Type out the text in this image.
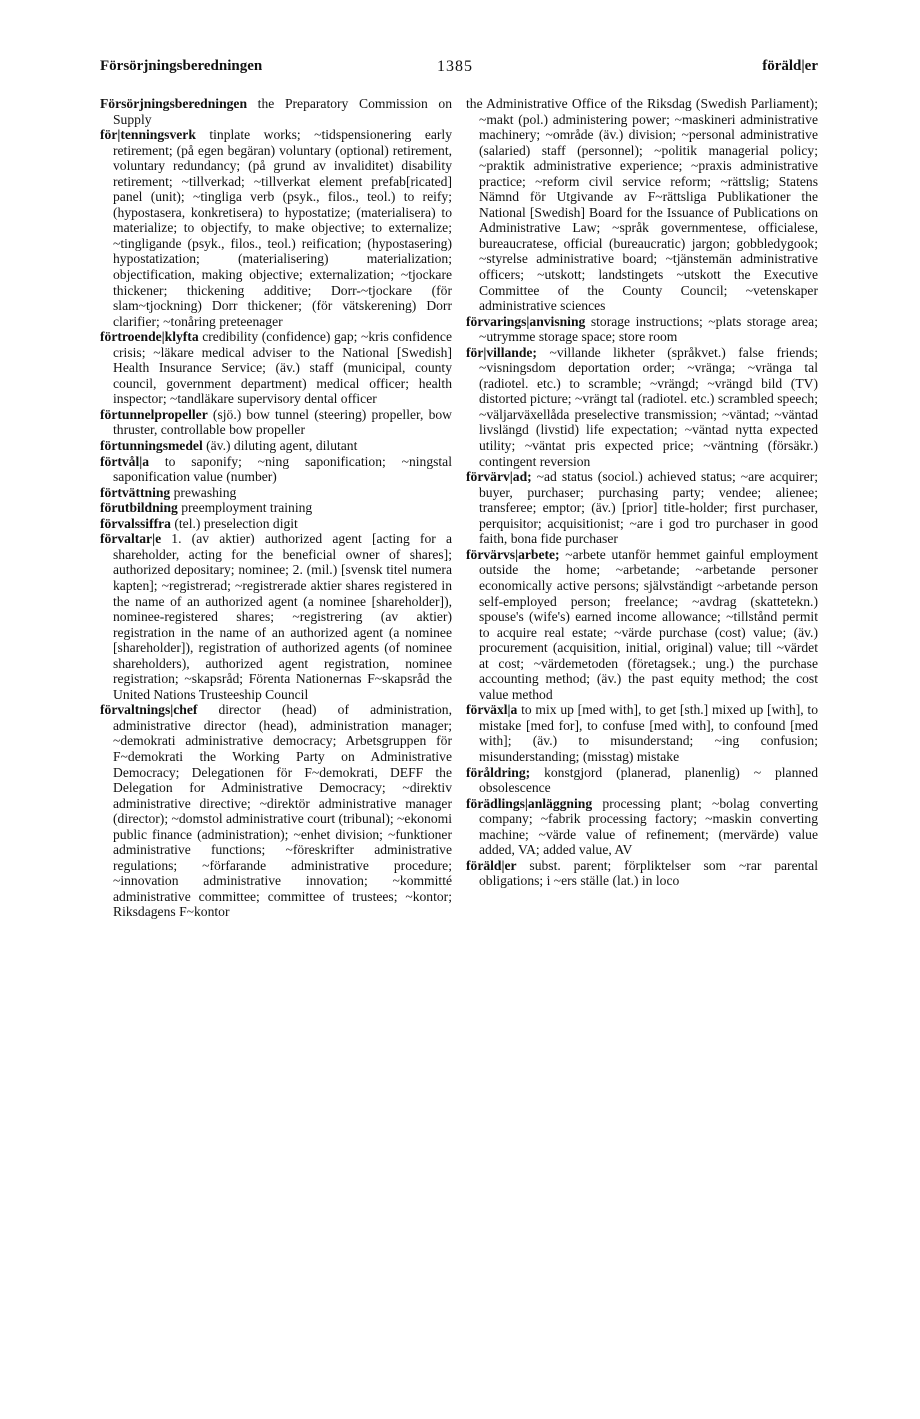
Försörjningsberedningen	1385	föräld|er

Försörjningsberedningen the Preparatory Commission on Supply

för|tenningsverk tinplate works; ~tidspensionering early retirement; (på egen begäran) voluntary (optional) retirement, voluntary redundancy; (på grund av invaliditet) disability retirement; ~tillverkad; ~tillverkat element prefab[ricated] panel (unit); ~tingliga verb (psyk., filos., teol.) to reify; (hypostasera, konkretisera) to hypostatize; (materialisera) to materialize; to objectify, to make objective; to externalize; ~tingligande (psyk., filos., teol.) reification; (hypostasering) hypostatization; (materialisering) materialization; objectification, making objective; externalization; ~tjockare thickener; thickening additive; Dorr-~tjockare (för slam~tjockning) Dorr thickener; (för vätskerening) Dorr clarifier; ~tonåring preteenager

förtroende|klyfta credibility (confidence) gap; ~kris confidence crisis; ~läkare medical adviser to the National [Swedish] Health Insurance Service; (äv.) staff (municipal, county council, government department) medical officer; health inspector; ~tandläkare supervisory dental officer

förtunnelpropeller (sjö.) bow tunnel (steering) propeller, bow thruster, controllable bow propeller

förtunningsmedel (äv.) diluting agent, dilutant

förtvål|a to saponify; ~ning saponification; ~ningstal saponification value (number)

förtvättning prewashing

förutbildning preemployment training

förvalssiffra (tel.) preselection digit

förvaltar|e 1. (av aktier) authorized agent [acting for a shareholder, acting for the beneficial owner of shares]; authorized depositary; nominee; 2. (mil.) [svensk titel numera kapten]; ~registrerad; ~registrerade aktier shares registered in the name of an authorized agent (a nominee [shareholder]), nominee-registered shares; ~registrering (av aktier) registration in the name of an authorized agent (a nominee [shareholder]), registration of authorized agents (of nominee shareholders), authorized agent registration, nominee registration; ~skapsråd; Förenta Nationernas F~skapsråd the United Nations Trusteeship Council

förvaltnings|chef director (head) of administration, administrative director (head), administration manager; ~demokrati administrative democracy; Arbetsgruppen för F~demokrati the Working Party on Administrative Democracy; Delegationen för F~demokrati, DEFF the Delegation for Administrative Democracy; ~direktiv administrative directive; ~direktör administrative manager (director); ~domstol administrative court (tribunal); ~ekonomi public finance (administration); ~enhet division; ~funktioner administrative functions; ~föreskrifter administrative regulations; ~förfarande administrative procedure; ~innovation administrative innovation; ~kommitté administrative committee; committee of trustees; ~kontor; Riksdagens F~kontor

the Administrative Office of the Riksdag (Swedish Parliament); ~makt (pol.) administering power; ~maskineri administrative machinery; ~område (äv.) division; ~personal administrative (salaried) staff (personnel); ~politik managerial policy; ~praktik administrative experience; ~praxis administrative practice; ~reform civil service reform; ~rättslig; Statens Nämnd för Utgivande av F~rättsliga Publikationer the National [Swedish] Board for the Issuance of Publications on Administrative Law; ~språk governmentese, officialese, bureaucratese, official (bureaucratic) jargon; gobbledygook; ~styrelse administrative board; ~tjänstemän administrative officers; ~utskott; landstingets ~utskott the Executive Committee of the County Council; ~vetenskaper administrative sciences

förvarings|anvisning storage instructions; ~plats storage area; ~utrymme storage space; store room

för|villande; ~villande likheter (språkvet.) false friends; ~visningsdom deportation order; ~vränga; ~vränga tal (radiotel. etc.) to scramble; ~vrängd; ~vrängd bild (TV) distorted picture; ~vrängt tal (radiotel. etc.) scrambled speech; ~väljarväxellåda preselective transmission; ~väntad; ~väntad livslängd (livstid) life expectation; ~väntad nytta expected utility; ~väntat pris expected price; ~väntning (försäkr.) contingent reversion

förvärv|ad; ~ad status (sociol.) achieved status; ~are acquirer; buyer, purchaser; purchasing party; vendee; alienee; transferee; emptor; (äv.) [prior] title-holder; first purchaser, perquisitor; acquisitionist; ~are i god tro purchaser in good faith, bona fide purchaser

förvärvs|arbete; ~arbete utanför hemmet gainful employment outside the home; ~arbetande; ~arbetande personer economically active persons; självständigt ~arbetande person self-employed person; freelance; ~avdrag (skattetekn.) spouse's (wife's) earned income allowance; ~tillstånd permit to acquire real estate; ~värde purchase (cost) value; (äv.) procurement (acquisition, initial, original) value; till ~värdet at cost; ~värdemetoden (företagsek.; ung.) the purchase accounting method; (äv.) the past equity method; the cost value method

förväxl|a to mix up [med with], to get [sth.] mixed up [with], to mistake [med for], to confuse [med with], to confound [med with]; (äv.) to misunderstand; ~ing confusion; misunderstanding; (misstag) mistake

föråldring; konstgjord (planerad, planenlig) ~ planned obsolescence

förädlings|anläggning processing plant; ~bolag converting company; ~fabrik processing factory; ~maskin converting machine; ~värde value of refinement; (mervärde) value added, VA; added value, AV

föräld|er subst. parent; förpliktelser som ~rar parental obligations; i ~ers ställe (lat.) in loco
